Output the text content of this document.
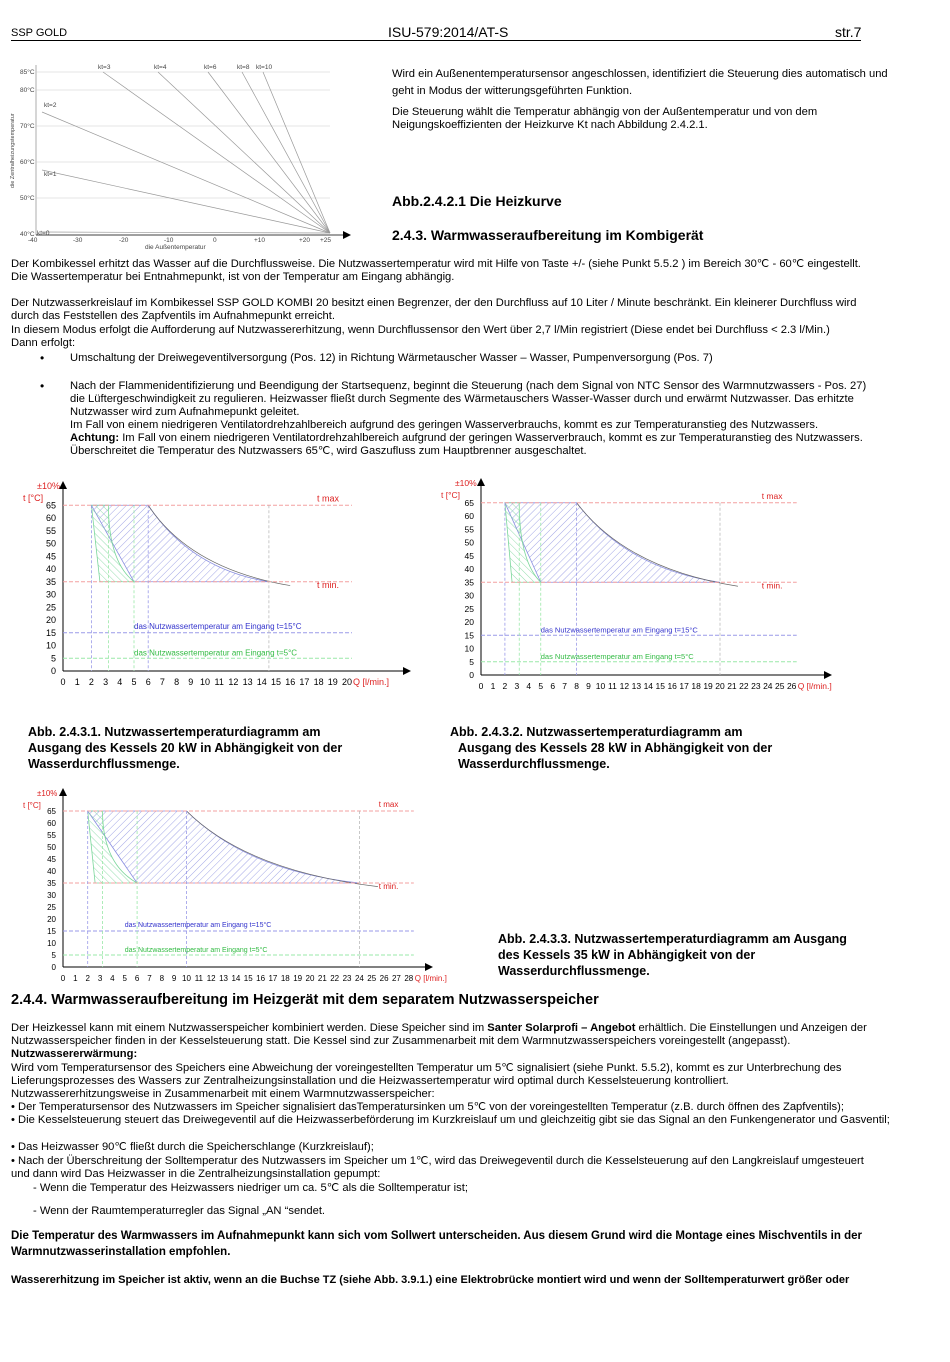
SSP GOLD	ISU-579:2014/AT-S	str.7
kt=3	kt=4	kt=6	kt=8 kt=10
kt=2
kt=1
kt=0
85°C
80°C
70°C
60°C
50°C
40°C
-40	-30	-20	-10	0	+10	+20 +25
die Außentemperatur
die Zentralheizungstemperatur
Wird ein Außenentemperatursensor angeschlossen, identifiziert die Steuerung dies automatisch und geht in Modus der witterungsgeführten Funktion.
Die Steuerung wählt die Temperatur abhängig von der Außentemperatur und von dem Neigungskoeffizienten der Heizkurve Kt nach Abbildung 2.4.2.1.
Abb.2.4.2.1 Die Heizkurve
2.4.3. Warmwasseraufbereitung im Kombigerät
Der Kombikessel erhitzt das Wasser auf die Durchflussweise. Die Nutzwassertemperatur wird mit Hilfe von Taste +/- (siehe Punkt 5.5.2 ) im Bereich 30℃ - 60℃ eingestellt.
Die Wassertemperatur bei Entnahmepunkt, ist von der Temperatur am Eingang abhängig.
Der Nutzwasserkreislauf im Kombikessel SSP GOLD KOMBI 20 besitzt einen Begrenzer, der den Durchfluss auf 10 Liter / Minute beschränkt. Ein kleinerer Durchfluss wird
durch das Feststellen des Zapfventils im Aufnahmepunkt erreicht.
In diesem Modus erfolgt die Aufforderung auf Nutzwassererhitzung, wenn Durchflussensor den Wert über 2,7 l/Min registriert (Diese endet bei Durchfluss < 2.3 l/Min.)
Dann erfolgt:
• Umschaltung der Dreiwegeventilversorgung (Pos. 12) in Richtung Wärmetauscher Wasser – Wasser, Pumpenversorgung (Pos. 7)
• Nach der Flammenidentifizierung und Beendigung der Startsequenz, beginnt die Steuerung (nach dem Signal von NTC Sensor des Warmnutzwassers - Pos. 27)
die Lüftergeschwindigkeit zu regulieren. Heizwasser fließt durch Segmente des Wärmetauschers Wasser-Wasser durch und erwärmt Nutzwasser. Das erhitzte
Nutzwasser wird zum Aufnahmepunkt geleitet.
Im Fall von einem niedrigeren Ventilatordrehzahlbereich aufgrund des geringen Wasserverbrauchs, kommt es zur Temperaturanstieg des Nutzwassers.
Achtung: Im Fall von einem niedrigeren Ventilatordrehzahlbereich aufgrund der geringen Wasserverbrauch, kommt es zur Temperaturanstieg des Nutzwassers.
Überschreitet die Temperatur des Nutzwassers 65℃, wird Gaszufluss zum Hauptbrenner ausgeschaltet.
65
60
55
50
45
40
35
30
25
20
15
10
5
0
0 1 2 3 4 5 6 7 8 9 10 11 12 13 14 15 16 17 18 19 20 Q [l/min.]
±10%
t [°C]	t max
t min.
das Nutzwassertemperatur am Eingang t=15°C
das Nutzwassertemperatur am Eingang t=5°C
65
60
55
50
45
40
35
30
25
20
15
10
5
0
0 1 2 3 4 5 6 7 8 9 10 11 12 13 14 15 16 17 18 19 20 21 22 23 24 25 26 Q [l/min.]
±10%
t [°C]	t max
t min.
das Nutzwassertemperatur am Eingang t=15°C
das Nutzwassertemperatur am Eingang t=5°C
65
60
55
50
45
40
35
30
25
20
15
10
5
0
0 1 2 3 4 5 6 7 8 9 10 11 12 13 14 15 16 17 18 19 20 21 22 23 24 25 26 27 28 Q [l/min.]
±10%
t [°C]	t max
t min.
das Nutzwassertemperatur am Eingang t=15°C
das Nutzwassertemperatur am Eingang t=5°C
Abb. 2.4.3.1. Nutzwassertemperaturdiagramm am
Ausgang des Kessels 20 kW in Abhängigkeit von der
Wasserdurchflussmenge.
Abb. 2.4.3.2. Nutzwassertemperaturdiagramm am
Ausgang des Kessels 28 kW in Abhängigkeit von der
Wasserdurchflussmenge.
Abb. 2.4.3.3. Nutzwassertemperaturdiagramm am Ausgang
des Kessels 35 kW in Abhängigkeit von der
Wasserdurchflussmenge.
2.4.4. Warmwasseraufbereitung im Heizgerät mit dem separatem Nutzwasserspeicher
Der Heizkessel kann mit einem Nutzwasserspeicher kombiniert werden. Diese Speicher sind im Santer Solarprofi – Angebot erhältlich. Die Einstellungen und Anzeigen der
Nutzwasserspeicher finden in der Kesselsteuerung statt. Die Kessel sind zur Zusammenarbeit mit dem Warmnutzwasserspeichers voreingestellt (angepasst).
Nutzwassererwärmung:
Wird vom Temperatursensor des Speichers eine Abweichung der voreingestellten Temperatur um 5℃ signalisiert (siehe Punkt. 5.5.2), kommt es zur Unterbrechung des
Lieferungsprozesses des Wassers zur Zentralheizungsinstallation und die Heizwassertemperatur wird optimal durch Kesselsteuerung kontrolliert.
Nutzwassererhitzungsweise in Zusammenarbeit mit einem Warmnutzwasserspeicher:
• Der Temperatursensor des Nutzwassers im Speicher signalisiert dasTemperatursinken um 5℃ von der voreingestellten Temperatur (z.B. durch öffnen des Zapfventils);
• Die Kesselsteuerung steuert das Dreiwegeventil auf die Heizwasserbeförderung im Kurzkreislauf um und gleichzeitig gibt sie das Signal an den Funkengenerator und Gasventil;
• Das Heizwasser 90℃ fließt durch die Speicherschlange (Kurzkreislauf);
• Nach der Überschreitung der Solltemperatur des Nutzwassers im Speicher um 1℃, wird das Dreiwegeventil durch die Kesselsteuerung auf den Langkreislauf umgesteuert
und dann wird Das Heizwasser in die Zentralheizungsinstallation gepumpt:
- Wenn die Temperatur des Heizwassers niedriger um ca. 5℃ als die Solltemperatur ist;
- Wenn der Raumtemperaturregler das Signal „AN “sendet.
Die Temperatur des Warmwassers im Aufnahmepunkt kann sich vom Sollwert unterscheiden. Aus diesem Grund wird die Montage eines Mischventils in der
Warmnutzwasserinstallation empfohlen.
Wassererhitzung im Speicher ist aktiv, wenn an die Buchse TZ (siehe Abb. 3.9.1.) eine Elektrobrücke montiert wird und wenn der Solltemperaturwert größer oder
